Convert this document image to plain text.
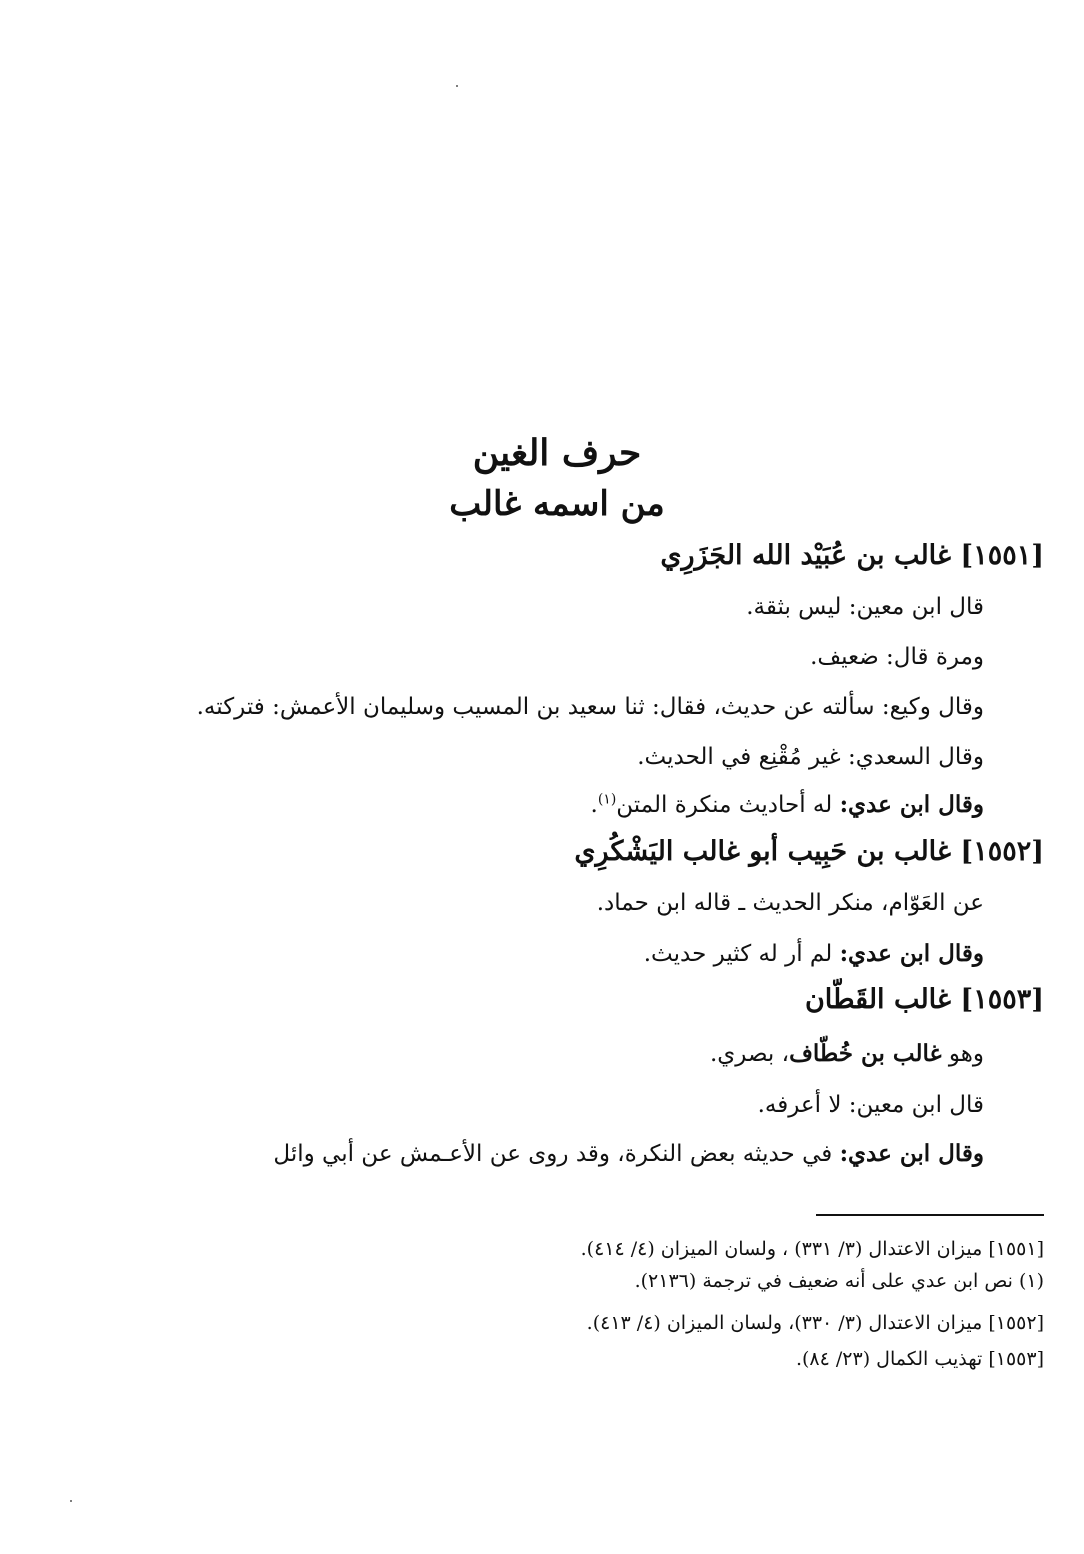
حرف الغين
من اسمه غالب
[١٥٥١] غالب بن عُبَيْد الله الجَزَرِي
قال ابن معين: ليس بثقة.
ومرة قال: ضعيف.
وقال وكيع: سألته عن حديث، فقال: ثنا سعيد بن المسيب وسليمان الأعمش: فتركته.
وقال السعدي: غير مُقْنِع في الحديث.
وقال ابن عدي: له أحاديث منكرة المتن$^{(١)}$.
[١٥٥٢] غالب بن حَبِيب أبو غالب اليَشْكُرِي
عن العَوّام، منكر الحديث ـ قاله ابن حماد.
وقال ابن عدي: لم أر له كثير حديث.
[١٥٥٣] غالب القَطّان
وهو غالب بن خُطّاف، بصري.
قال ابن معين: لا أعرفه.
وقال ابن عدي: في حديثه بعض النكرة، وقد روى عن الأعـمش عن أبي وائل
[١٥٥١] ميزان الاعتدال (٣/ ٣٣١) ، ولسان الميزان (٤/ ٤١٤).
(١) نص ابن عدي على أنه ضعيف في ترجمة (٢١٣٦).
[١٥٥٢] ميزان الاعتدال (٣/ ٣٣٠)، ولسان الميزان (٤/ ٤١٣).
[١٥٥٣] تهذيب الكمال (٢٣/ ٨٤).
